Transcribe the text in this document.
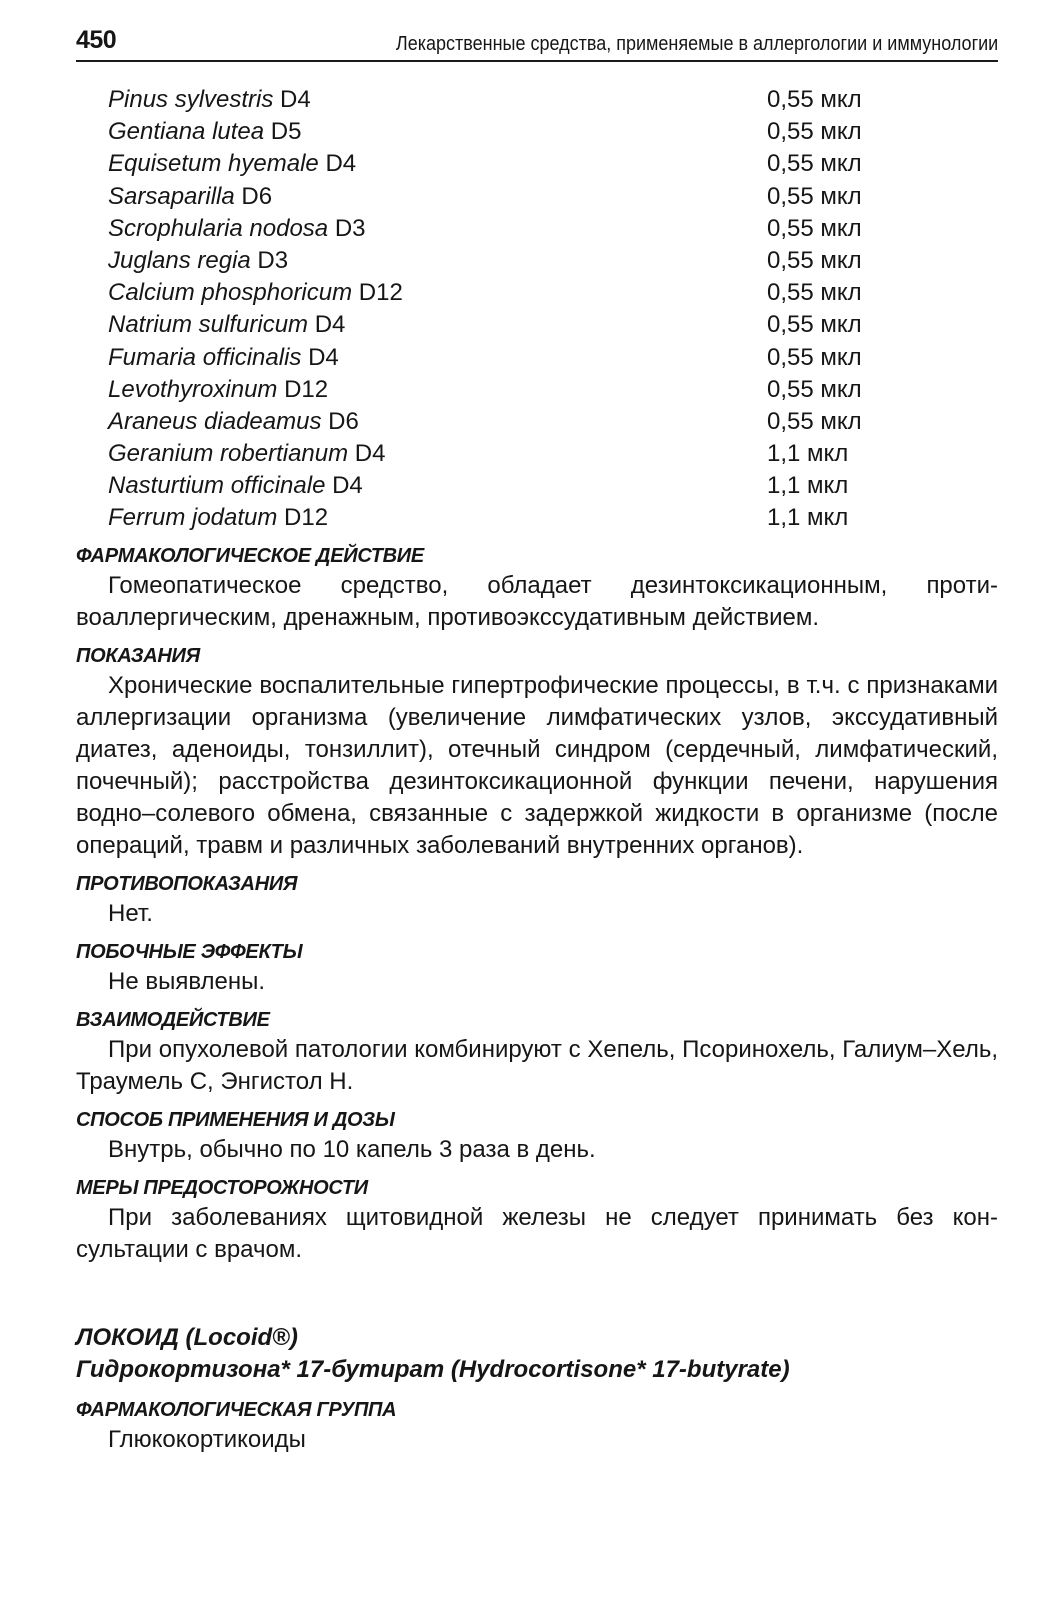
450	Лекарственные средства, применяемые в аллергологии и иммунологии
Pinus sylvestris D4	0,55 мкл
Gentiana lutea D5	0,55 мкл
Equisetum hyemale D4	0,55 мкл
Sarsaparilla D6	0,55 мкл
Scrophularia nodosa D3	0,55 мкл
Juglans regia D3	0,55 мкл
Calcium phosphoricum D12	0,55 мкл
Natrium sulfuricum D4	0,55 мкл
Fumaria officinalis D4	0,55 мкл
Levothyroxinum D12	0,55 мкл
Araneus diadeamus D6	0,55 мкл
Geranium robertianum D4	1,1 мкл
Nasturtium officinale D4	1,1 мкл
Ferrum jodatum D12	1,1 мкл
ФАРМАКОЛОГИЧЕСКОЕ ДЕЙСТВИЕ

Гомеопатическое средство, обладает дезинтоксикационным, противоаллергическим, дренажным, противоэкссудативным действием.

ПОКАЗАНИЯ

Хронические воспалительные гипертрофические процессы, в т.ч. с признаками аллергизации организма (увеличение лимфатических узлов, экссудативный диатез, аденоиды, тонзиллит), отечный синдром (сердечный, лимфатический, почечный); расстройства дезинтоксикационной функции печени, нарушения водно–солевого обмена, связанные с задержкой жидкости в организме (после операций, травм и различных заболеваний внутренних органов).

ПРОТИВОПОКАЗАНИЯ

Нет.

ПОБОЧНЫЕ ЭФФЕКТЫ

Не выявлены.

ВЗАИМОДЕЙСТВИЕ

При опухолевой патологии комбинируют с Хепель, Псоринохель, Галиум–Хель, Траумель С, Энгистол Н.

СПОСОБ ПРИМЕНЕНИЯ И ДОЗЫ

Внутрь, обычно по 10 капель 3 раза в день.

МЕРЫ ПРЕДОСТОРОЖНОСТИ

При заболеваниях щитовидной железы не следует принимать без консультации с врачом.

ЛОКОИД (Locoid®)
Гидрокортизона* 17-бутират (Hydrocortisone* 17-butyrate)
ФАРМАКОЛОГИЧЕСКАЯ ГРУППА

Глюкокортикоиды
